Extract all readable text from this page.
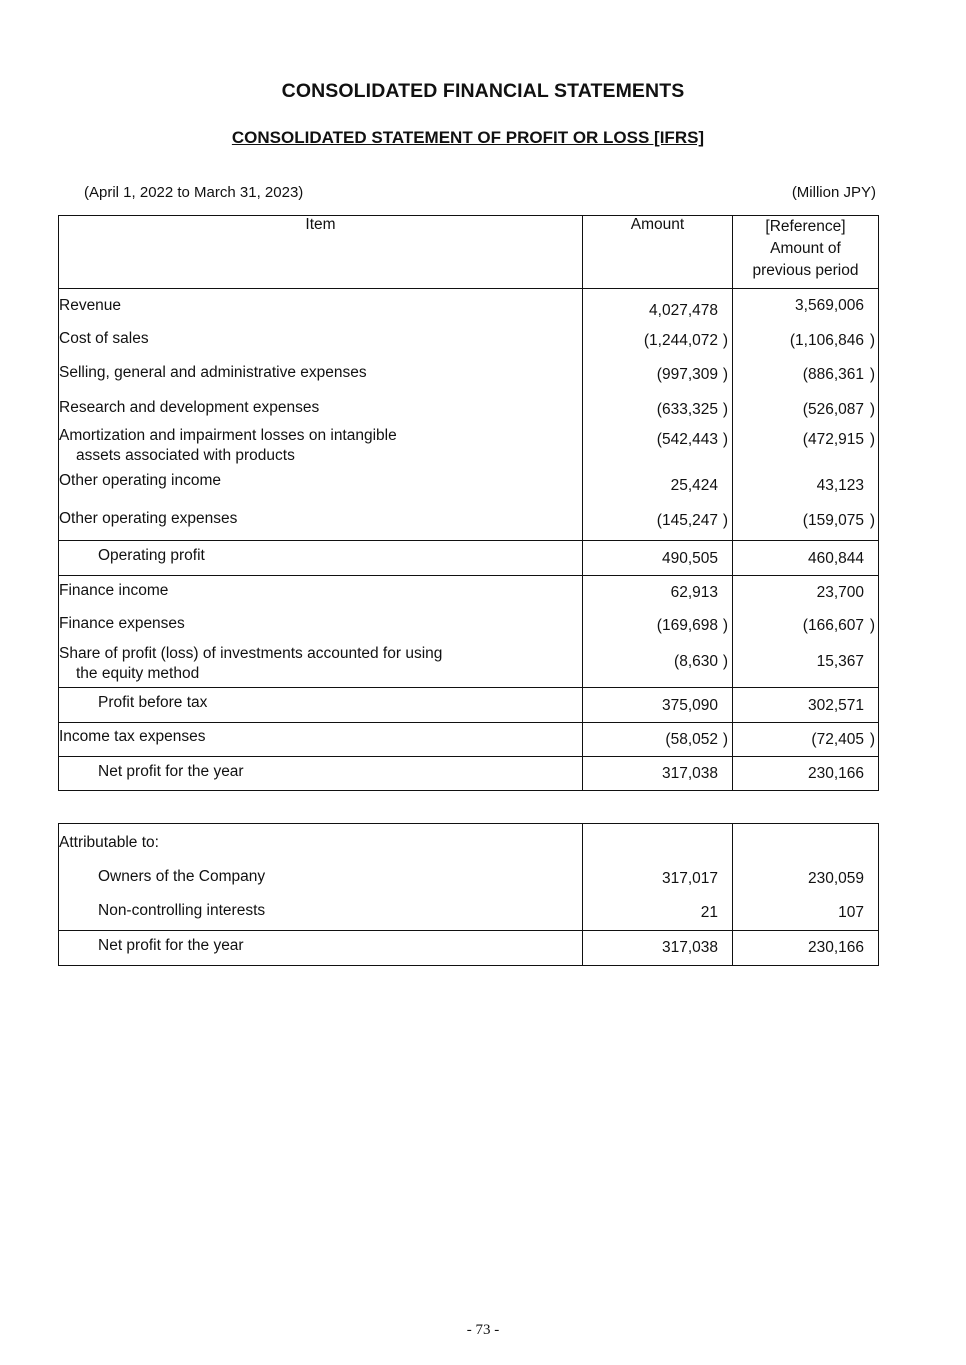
CONSOLIDATED FINANCIAL STATEMENTS
CONSOLIDATED STATEMENT OF PROFIT OR LOSS [IFRS]
(April 1, 2022 to March 31, 2023)	(Million JPY)
Item	Amount	[Reference]
Amount of
previous period

Revenue	4,027,478	3,569,006
Cost of sales	(1,244,072 )	(1,106,846 )

Selling, general and administrative expenses	(997,309 )	(886,361 )

Research and development expenses	(633,325 )	(526,087 )

Amortization and impairment losses on intangible
assets associated with products	(542,443 )	(472,915 )

Other operating income	25,424	43,123
Other operating expenses	(145,247 )	(159,075 )

Operating profit	490,505	460,844
Finance income	62,913	23,700
Finance expenses	(169,698 )	(166,607 )

Share of profit (loss) of investments accounted for using
the equity method	(8,630 )	15,367
Profit before tax	375,090	302,571
Income tax expenses	(58,052 )	(72,405 )

Net profit for the year	317,038	230,166
Attributable to:		
Owners of the Company	317,017	230,059
Non-controlling interests	21	107
Net profit for the year	317,038	230,166
- 73 -
